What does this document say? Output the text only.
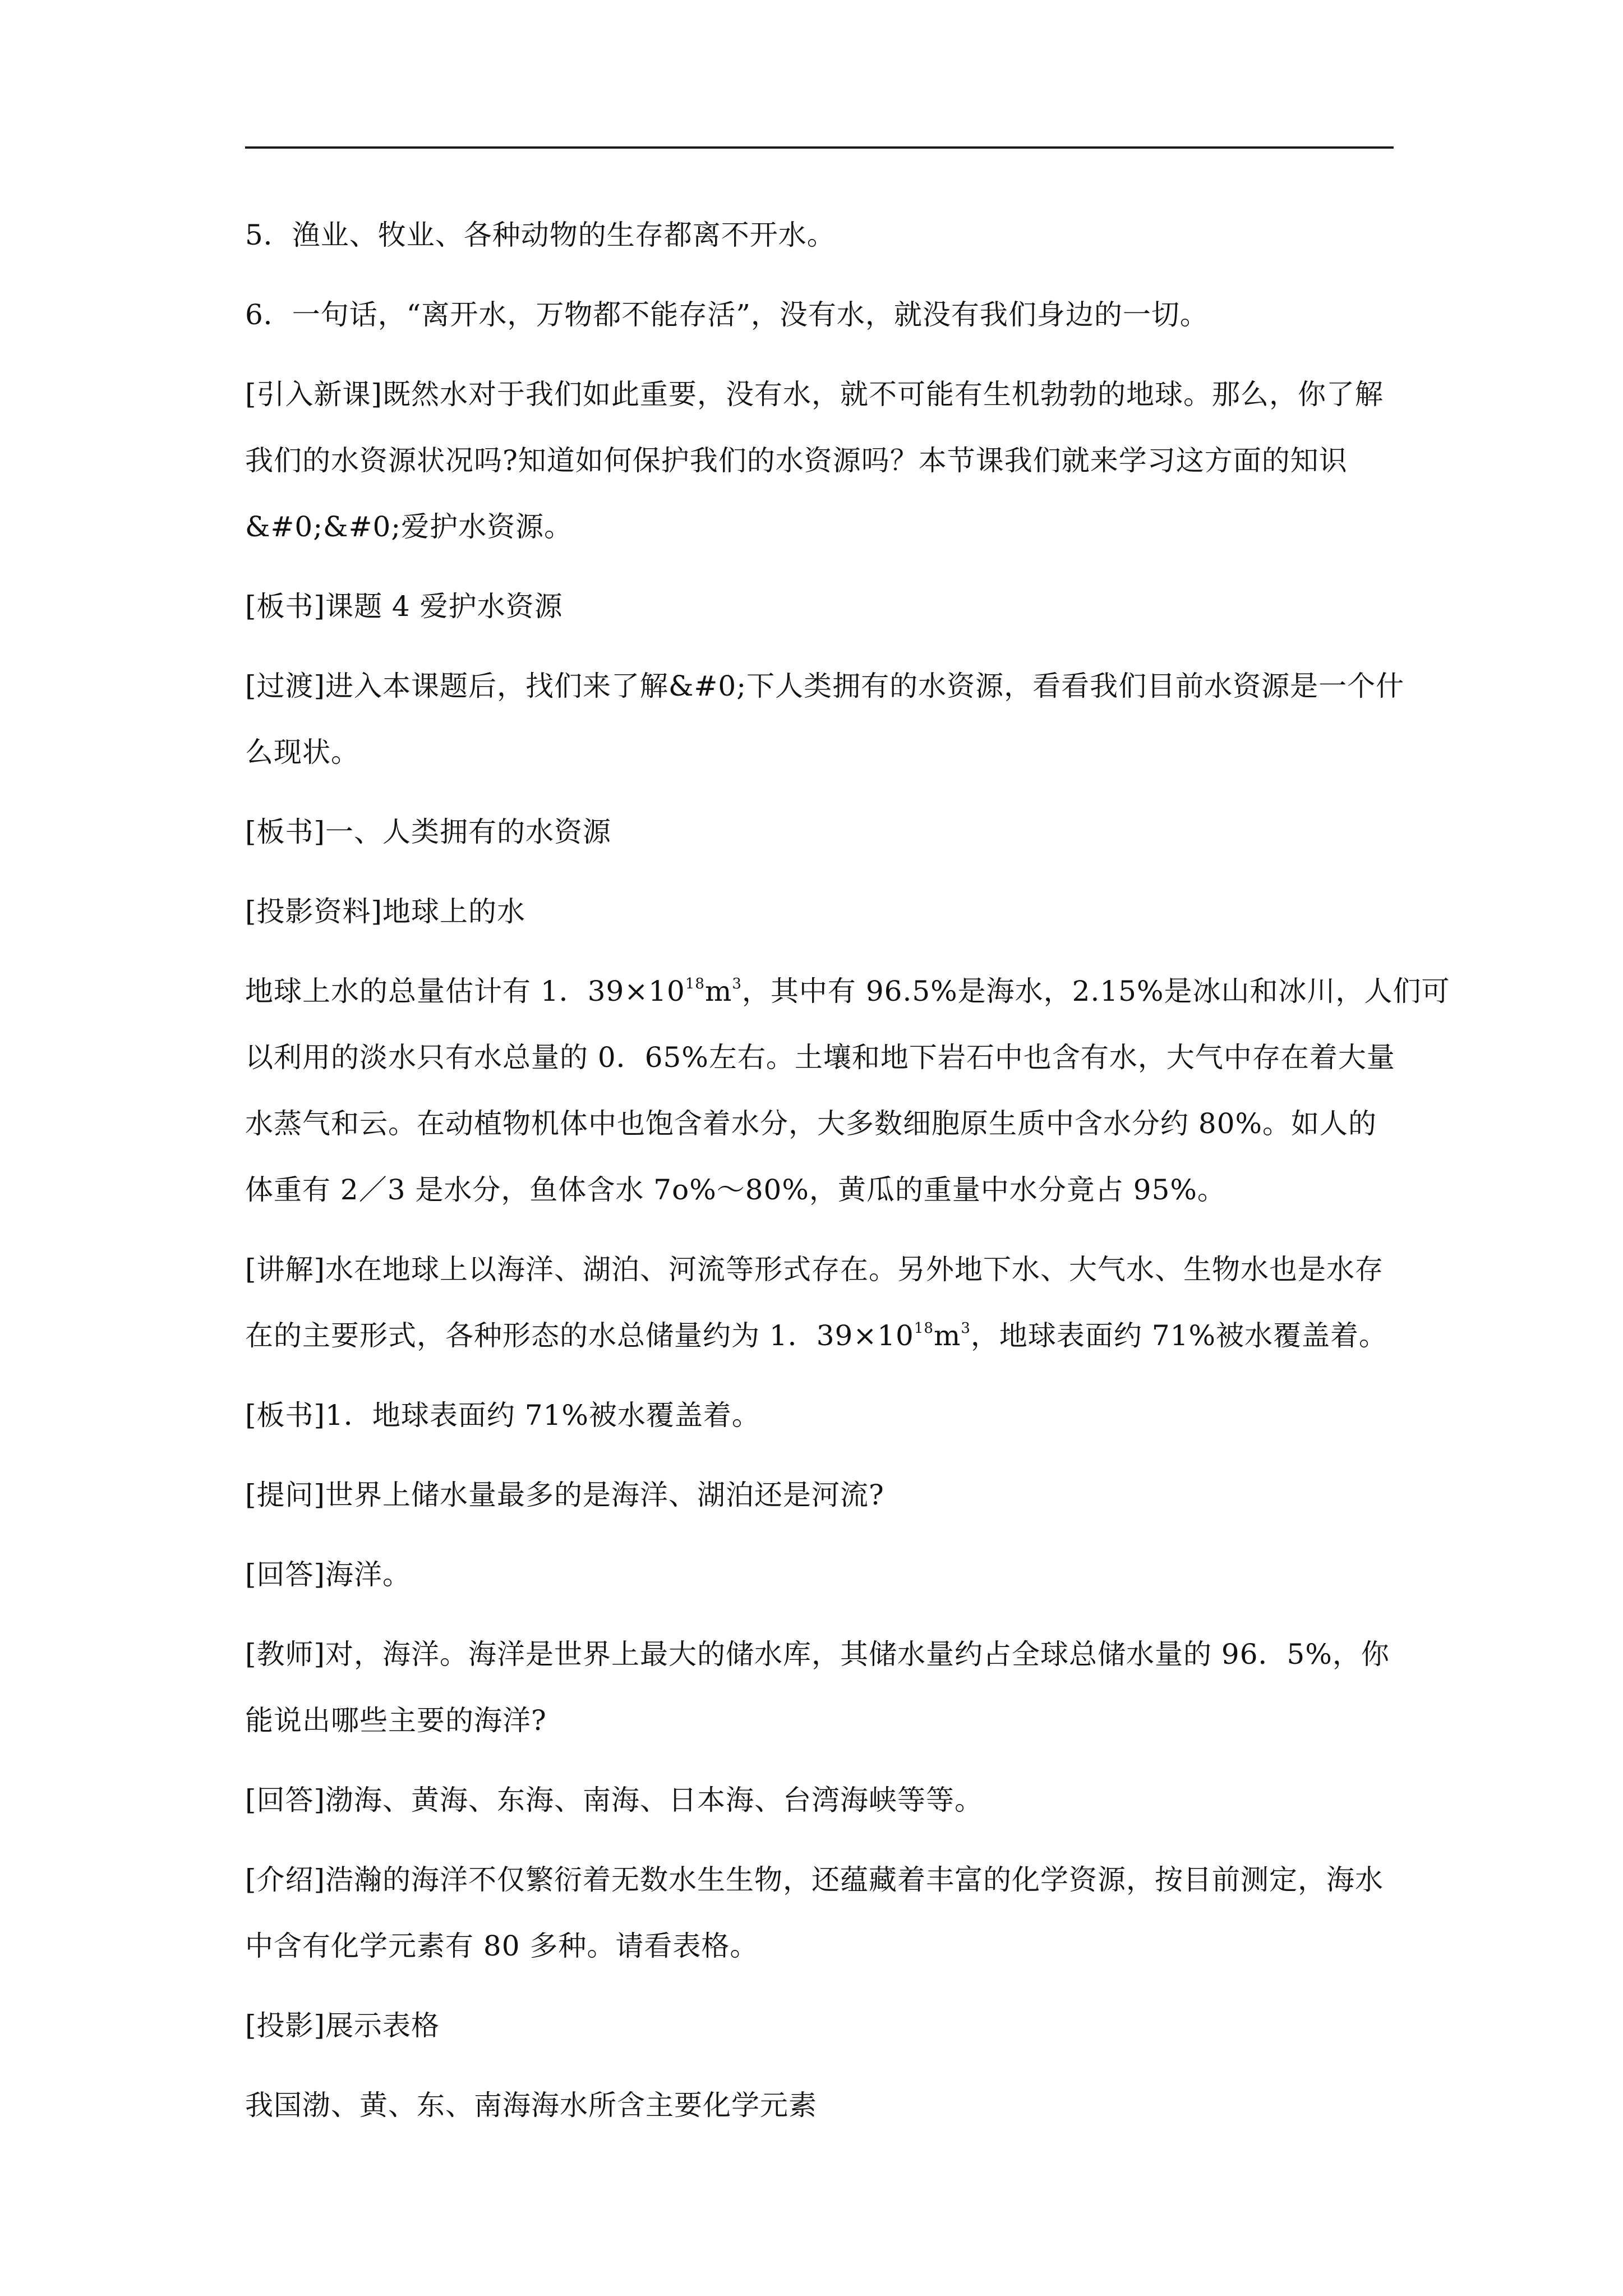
5．渔业、牧业、各种动物的生存都离不开水。

6．一句话，“离开水，万物都不能存活”，没有水，就没有我们身边的一切。

[引入新课]既然水对于我们如此重要，没有水，就不可能有生机勃勃的地球。那么，你了解

我们的水资源状况吗?知道如何保护我们的水资源吗？本节课我们就来学习这方面的知识

&#0;&#0;爱护水资源。

[板书]课题 4 爱护水资源

[过渡]进入本课题后，找们来了解&#0;下人类拥有的水资源，看看我们目前水资源是一个什

么现状。

[板书]一、人类拥有的水资源

[投影资料]地球上的水

地球上水的总量估计有 1．$39\times 10^{18}m^3$，其中有 96.5%是海水，2.15%是冰山和冰川，人们可

以利用的淡水只有水总量的 0．65%左右。土壤和地下岩石中也含有水，大气中存在着大量

水蒸气和云。在动植物机体中也饱含着水分，大多数细胞原生质中含水分约 80%。如人的

体重有 2／3 是水分，鱼体含水 7o%～80%，黄瓜的重量中水分竟占 95%。

[讲解]水在地球上以海洋、湖泊、河流等形式存在。另外地下水、大气水、生物水也是水存

在的主要形式，各种形态的水总储量约为 1．$39\times 10^{18}m^3$，地球表面约 71%被水覆盖着。

[板书]1．地球表面约 71%被水覆盖着。

[提问]世界上储水量最多的是海洋、湖泊还是河流?

[回答]海洋。

[教师]对，海洋。海洋是世界上最大的储水库，其储水量约占全球总储水量的 96．5%，你

能说出哪些主要的海洋?

[回答]渤海、黄海、东海、南海、日本海、台湾海峡等等。

[介绍]浩瀚的海洋不仅繁衍着无数水生生物，还蕴藏着丰富的化学资源，按目前测定，海水

中含有化学元素有 80 多种。请看表格。

[投影]展示表格

我国渤、黄、东、南海海水所含主要化学元素
